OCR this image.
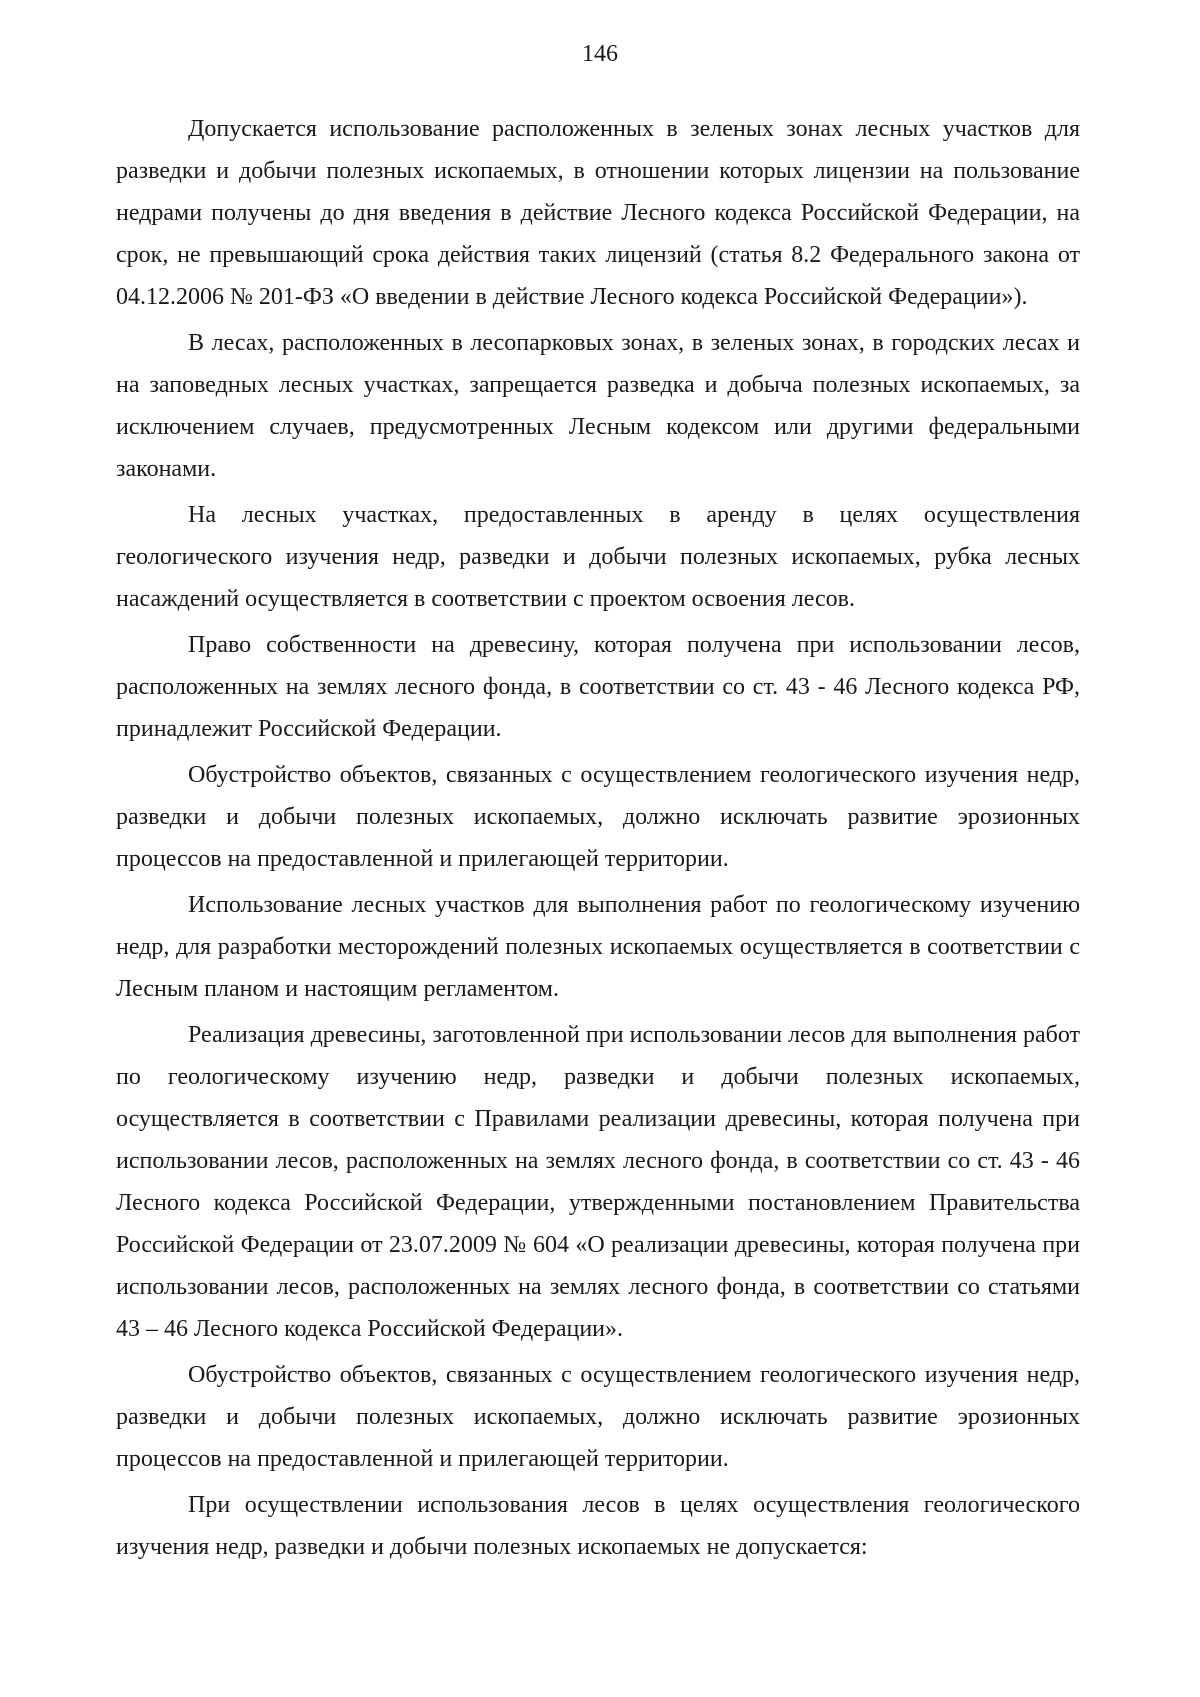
146

Допускается использование расположенных в зеленых зонах лесных участков для разведки и добычи полезных ископаемых, в отношении которых лицензии на пользование недрами получены до дня введения в действие Лесного кодекса Российской Федерации, на срок, не превышающий срока действия таких лицензий (статья 8.2 Федерального закона от 04.12.2006 № 201-ФЗ «О введении в действие Лесного кодекса Российской Федерации»).

В лесах, расположенных в лесопарковых зонах, в зеленых зонах, в городских лесах и на заповедных лесных участках, запрещается разведка и добыча полезных ископаемых, за исключением случаев, предусмотренных Лесным кодексом или другими федеральными законами.

На лесных участках, предоставленных в аренду в целях осуществления геологического изучения недр, разведки и добычи полезных ископаемых, рубка лесных насаждений осуществляется в соответствии с проектом освоения лесов.

Право собственности на древесину, которая получена при использовании лесов, расположенных на землях лесного фонда, в соответствии со ст. 43 - 46 Лесного кодекса РФ, принадлежит Российской Федерации.

Обустройство объектов, связанных с осуществлением геологического изучения недр, разведки и добычи полезных ископаемых, должно исключать развитие эрозионных процессов на предоставленной и прилегающей территории.

Использование лесных участков для выполнения работ по геологическому изучению недр, для разработки месторождений полезных ископаемых осуществляется в соответствии с Лесным планом и настоящим регламентом.

Реализация древесины, заготовленной при использовании лесов для выполнения работ по геологическому изучению недр, разведки и добычи полезных ископаемых, осуществляется в соответствии с Правилами реализации древесины, которая получена при использовании лесов, расположенных на землях лесного фонда, в соответствии со ст. 43 - 46 Лесного кодекса Российской Федерации, утвержденными постановлением Правительства Российской Федерации от 23.07.2009 № 604 «О реализации древесины, которая получена при использовании лесов, расположенных на землях лесного фонда, в соответствии со статьями 43 – 46 Лесного кодекса Российской Федерации».

Обустройство объектов, связанных с осуществлением геологического изучения недр, разведки и добычи полезных ископаемых, должно исключать развитие эрозионных процессов на предоставленной и прилегающей территории.

При осуществлении использования лесов в целях осуществления геологического изучения недр, разведки и добычи полезных ископаемых не допускается:
